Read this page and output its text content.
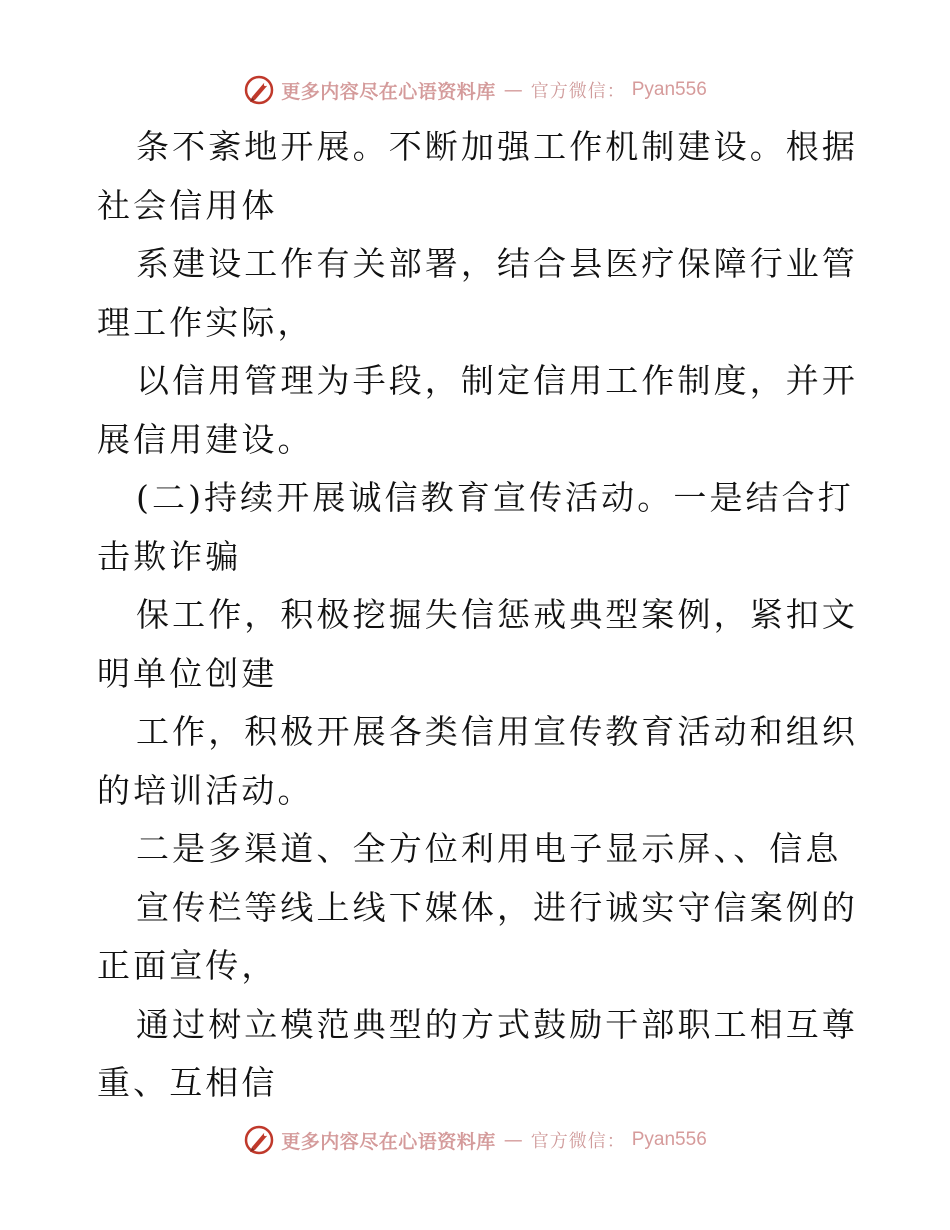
更多内容尽在心语资料库 — 官方微信： Pyan556

条不紊地开展。不断加强工作机制建设。根据社会信用体

系建设工作有关部署，结合县医疗保障行业管理工作实际，

以信用管理为手段，制定信用工作制度，并开展信用建设。

(二)持续开展诚信教育宣传活动。一是结合打击欺诈骗

保工作，积极挖掘失信惩戒典型案例，紧扣文明单位创建

工作，积极开展各类信用宣传教育活动和组织的培训活动。

二是多渠道、全方位利用电子显示屏、、信息

宣传栏等线上线下媒体，进行诚实守信案例的正面宣传，

通过树立模范典型的方式鼓励干部职工相互尊重、互相信

更多内容尽在心语资料库 — 官方微信： Pyan556
